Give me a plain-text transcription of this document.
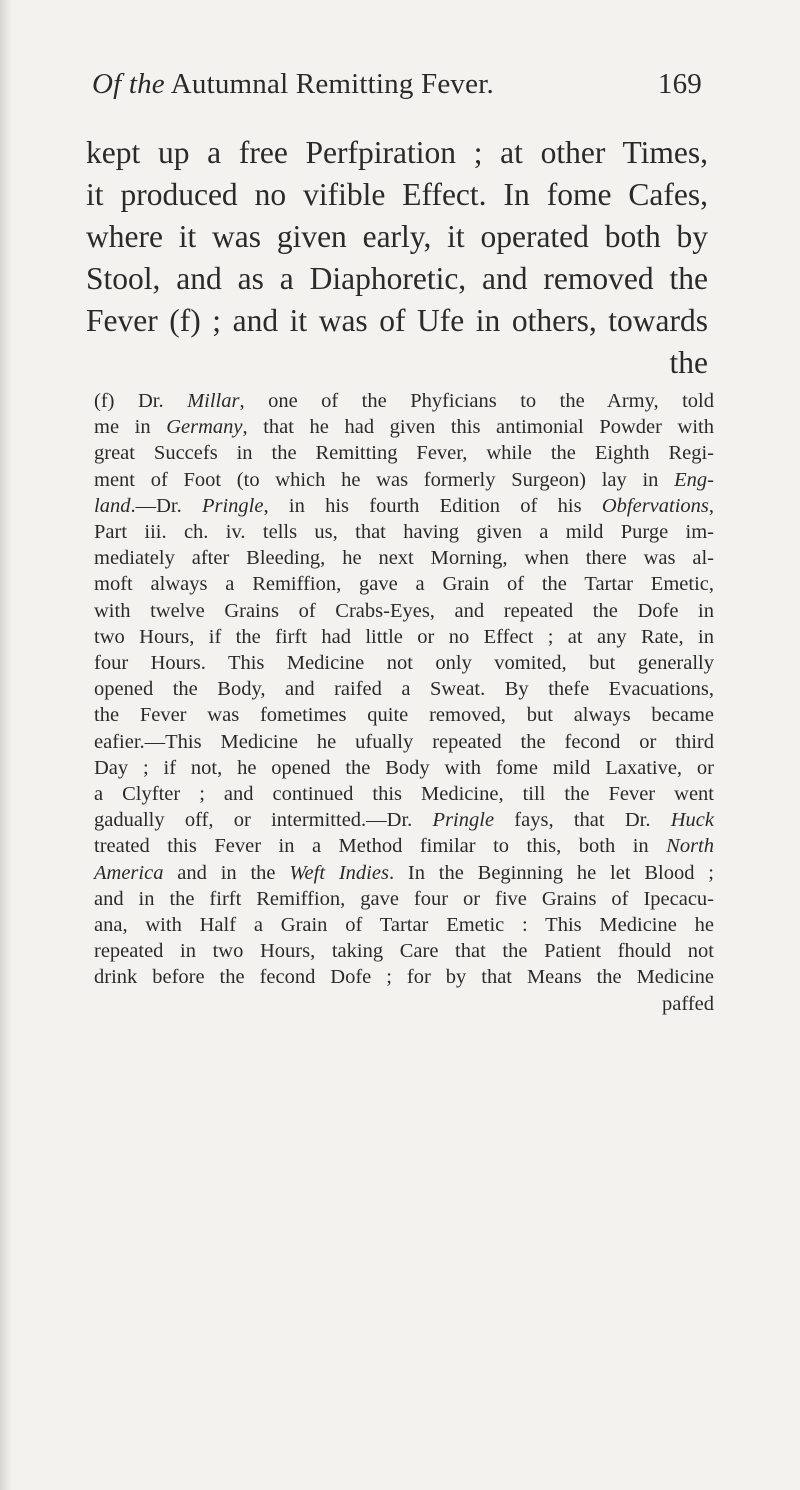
Of the Autumnal Remitting Fever.	169
kept up a free Perfpiration ; at other Times,
it produced no vifible Effect. In fome Cafes,
where it was given early, it operated both by
Stool, and as a Diaphoretic, and removed the
Fever (f) ; and it was of Ufe in others, towards
the
(f) Dr. Millar, one of the Phyficians to the Army, told
me in Germany, that he had given this antimonial Powder with
great Succefs in the Remitting Fever, while the Eighth Regi-
ment of Foot (to which he was formerly Surgeon) lay in Eng-
land.—Dr. Pringle, in his fourth Edition of his Obfervations,
Part iii. ch. iv. tells us, that having given a mild Purge im-
mediately after Bleeding, he next Morning, when there was al-
moft always a Remiffion, gave a Grain of the Tartar Emetic,
with twelve Grains of Crabs-Eyes, and repeated the Dofe in
two Hours, if the firft had little or no Effect ; at any Rate, in
four Hours. This Medicine not only vomited, but generally
opened the Body, and raifed a Sweat. By thefe Evacuations,
the Fever was fometimes quite removed, but always became
eafier.—This Medicine he ufually repeated the fecond or third
Day ; if not, he opened the Body with fome mild Laxative, or
a Clyfter ; and continued this Medicine, till the Fever went
gadually off, or intermitted.—Dr. Pringle fays, that Dr. Huck
treated this Fever in a Method fimilar to this, both in North
America and in the Weft Indies. In the Beginning he let Blood ;
and in the firft Remiffion, gave four or five Grains of Ipecacu-
ana, with Half a Grain of Tartar Emetic : This Medicine he
repeated in two Hours, taking Care that the Patient fhould not
drink before the fecond Dofe ; for by that Means the Medicine
paffed
